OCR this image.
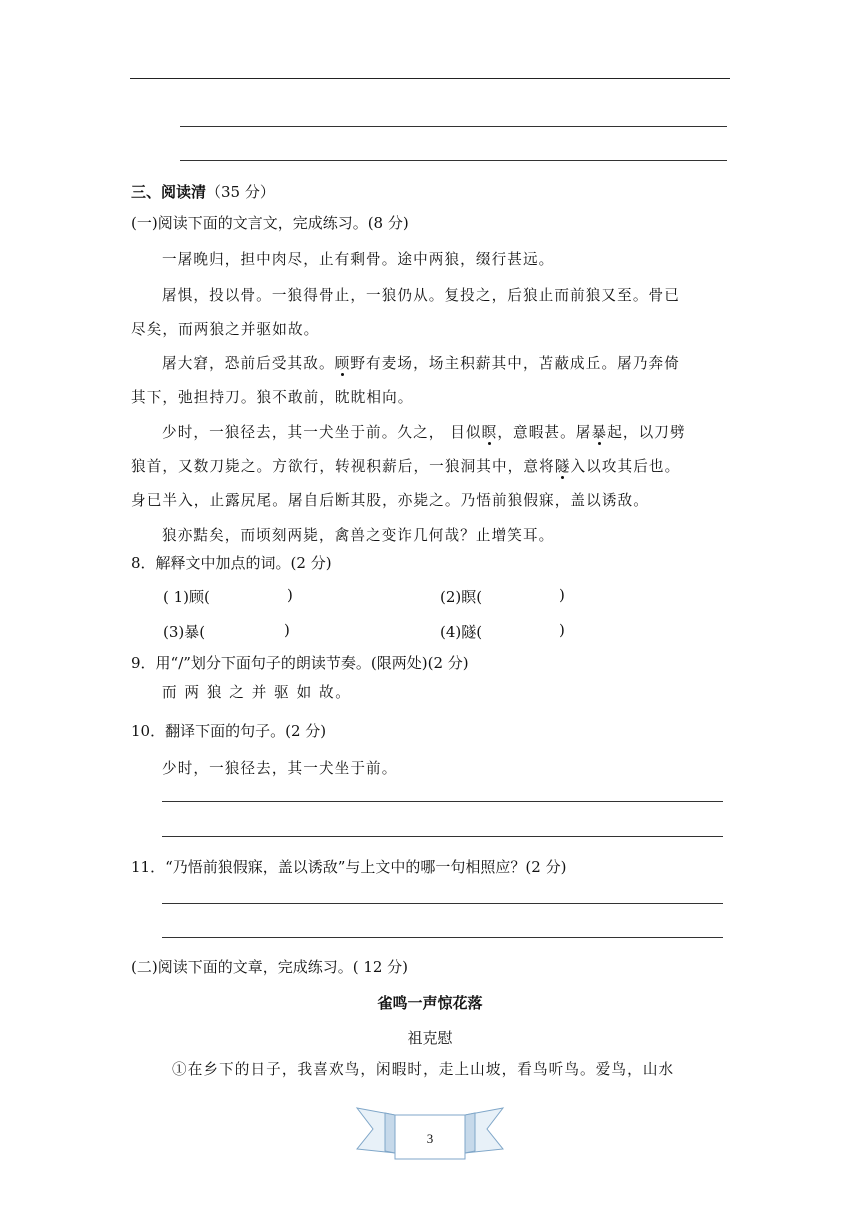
三、阅读清（35 分）
(一)阅读下面的文言文，完成练习。(8 分)
一屠晚归，担中肉尽，止有剩骨。途中两狼，缀行甚远。
屠惧，投以骨。一狼得骨止，一狼仍从。复投之，后狼止而前狼又至。骨已
尽矣，而两狼之并驱如故。
屠大窘，恐前后受其敌。顾野有麦场，场主积薪其中，苫蔽成丘。屠乃奔倚
其下，弛担持刀。狼不敢前，眈眈相向。
少时，一狼径去，其一犬坐于前。久之， 目似瞑，意暇甚。屠暴起，以刀劈
狼首，又数刀毙之。方欲行，转视积薪后，一狼洞其中，意将隧入以攻其后也。
身已半入，止露尻尾。屠自后断其股，亦毙之。乃悟前狼假寐，盖以诱敌。
狼亦黠矣，而顷刻两毙，禽兽之变诈几何哉？止增笑耳。
8．解释文中加点的词。(2 分)
( 1)顾(	)	(2)瞑(	)
(3)暴(	)	(4)隧(	)
9．用“/”划分下面句子的朗读节奏。(限两处)(2 分)
而 两 狼 之 并 驱 如 故。
10．翻译下面的句子。(2 分)
少时，一狼径去，其一犬坐于前。
11．“乃悟前狼假寐，盖以诱敌”与上文中的哪一句相照应？(2 分)
(二)阅读下面的文章，完成练习。( 12 分)
雀鸣一声惊花落
祖克慰
①在乡下的日子，我喜欢鸟，闲暇时，走上山坡，看鸟听鸟。爱鸟，山水
3
